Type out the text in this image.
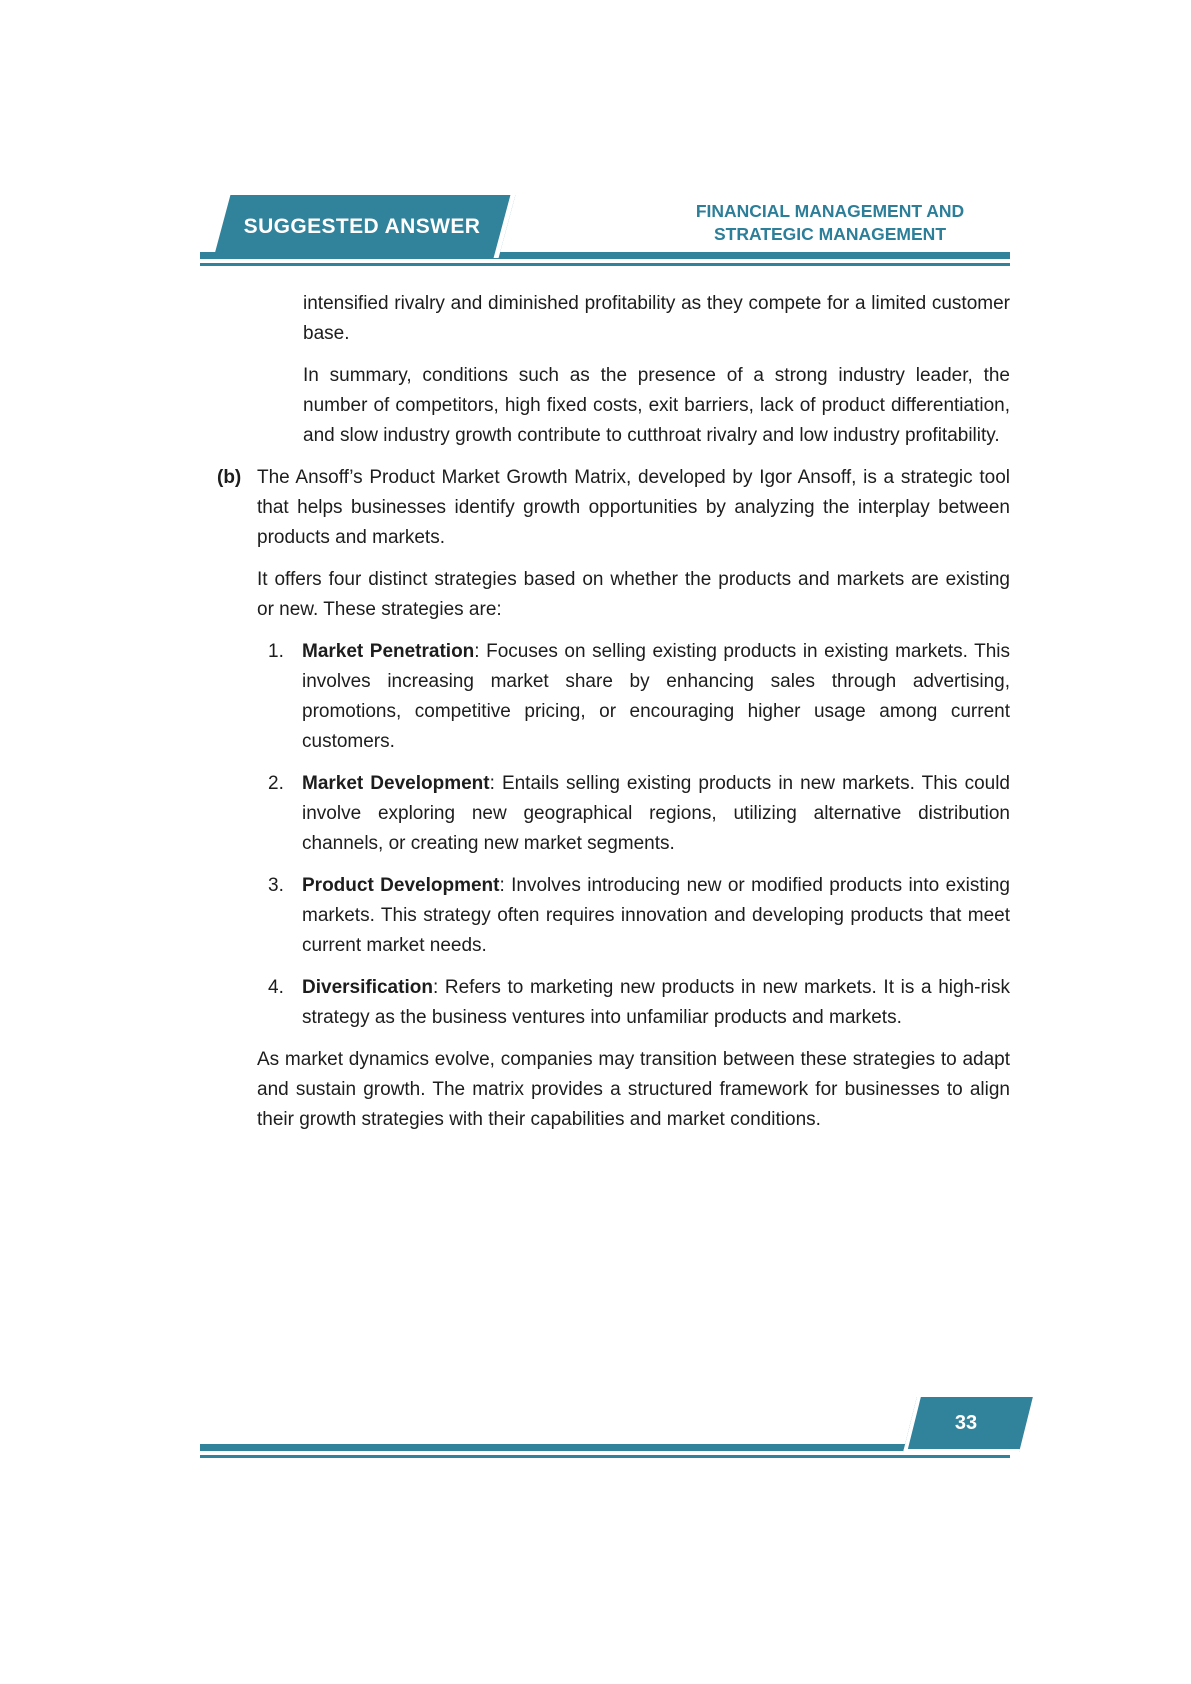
SUGGESTED ANSWER
FINANCIAL MANAGEMENT AND
STRATEGIC MANAGEMENT

intensified rivalry and diminished profitability as they compete for a limited customer base.

In summary, conditions such as the presence of a strong industry leader, the number of competitors, high fixed costs, exit barriers, lack of product differentiation, and slow industry growth contribute to cutthroat rivalry and low industry profitability.

(b) The Ansoff’s Product Market Growth Matrix, developed by Igor Ansoff, is a strategic tool that helps businesses identify growth opportunities by analyzing the interplay between products and markets.

It offers four distinct strategies based on whether the products and markets are existing or new. These strategies are:

1. Market Penetration: Focuses on selling existing products in existing markets. This involves increasing market share by enhancing sales through advertising, promotions, competitive pricing, or encouraging higher usage among current customers.
2. Market Development: Entails selling existing products in new markets. This could involve exploring new geographical regions, utilizing alternative distribution channels, or creating new market segments.
3. Product Development: Involves introducing new or modified products into existing markets. This strategy often requires innovation and developing products that meet current market needs.
4. Diversification: Refers to marketing new products in new markets. It is a high-risk strategy as the business ventures into unfamiliar products and markets.

As market dynamics evolve, companies may transition between these strategies to adapt and sustain growth. The matrix provides a structured framework for businesses to align their growth strategies with their capabilities and market conditions.

33
